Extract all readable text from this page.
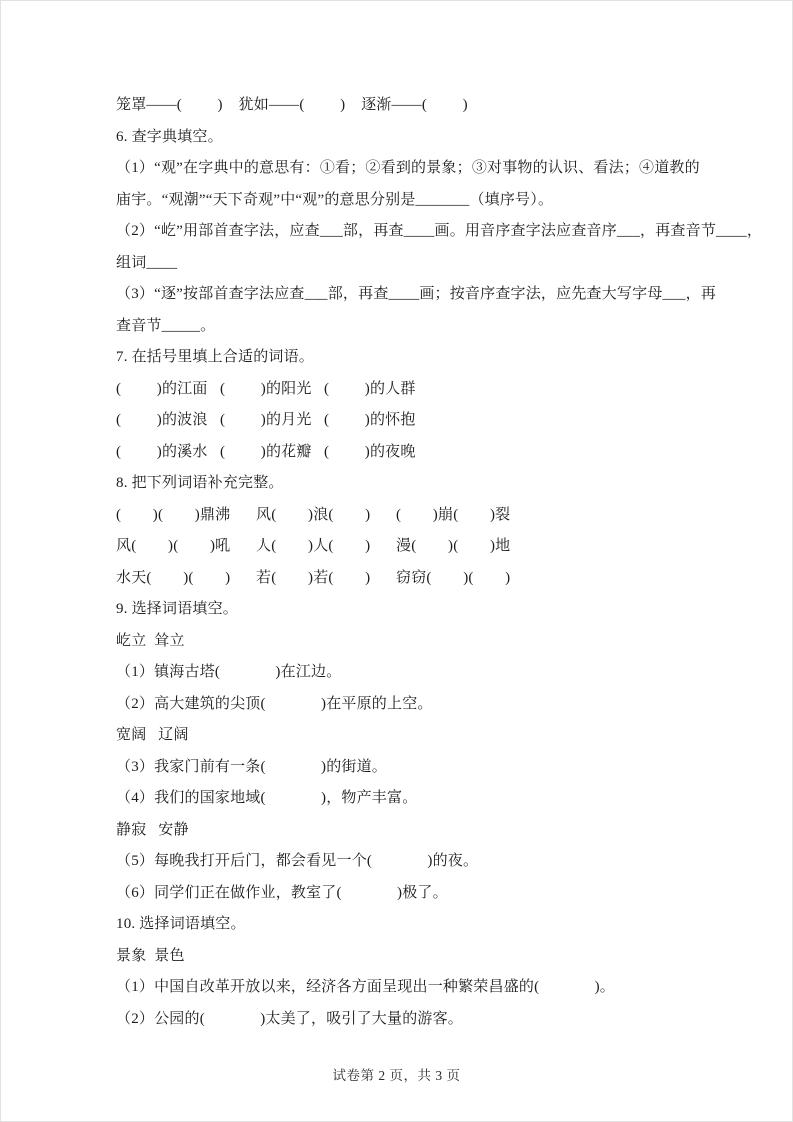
笼罩——(         )    犹如——(         )    逐渐——(         )

6. 查字典填空。

（1）“观”在字典中的意思有：①看；②看到的景象；③对事物的认识、看法；④道教的

庙宇。“观潮”“天下奇观”中“观”的意思分别是_______（填序号）。

（2）“屹”用部首查字法，应查___部，再查____画。用音序查字法应查音序___，再查音节____，

组词____

（3）“逐”按部首查字法应查___部，再查____画；按音序查字法，应先查大写字母___，再

查音节_____。

7. 在括号里填上合适的词语。

(         )的江面 (         )的阳光 (         )的人群
(         )的波浪 (         )的月光 (         )的怀抱
(         )的溪水 (         )的花瓣 (         )的夜晚

8. 把下列词语补充完整。

(        )(        )鼎沸	风(        )浪(        )	(        )崩(        )裂
风(        )(        )吼	人(        )人(        )	漫(        )(        )地
水天(        )(        )	若(        )若(        )	窃窃(        )(        )

9. 选择词语填空。

屹立  耸立

（1）镇海古塔(              )在江边。

（2）高大建筑的尖顶(              )在平原的上空。

宽阔   辽阔

（3）我家门前有一条(              )的街道。

（4）我们的国家地域(              )，物产丰富。

静寂   安静

（5）每晚我打开后门，都会看见一个(              )的夜。

（6）同学们正在做作业，教室了(              )极了。

10. 选择词语填空。

景象  景色

（1）中国自改革开放以来，经济各方面呈现出一种繁荣昌盛的(              )。

（2）公园的(              )太美了，吸引了大量的游客。

试卷第 2 页，共 3 页
